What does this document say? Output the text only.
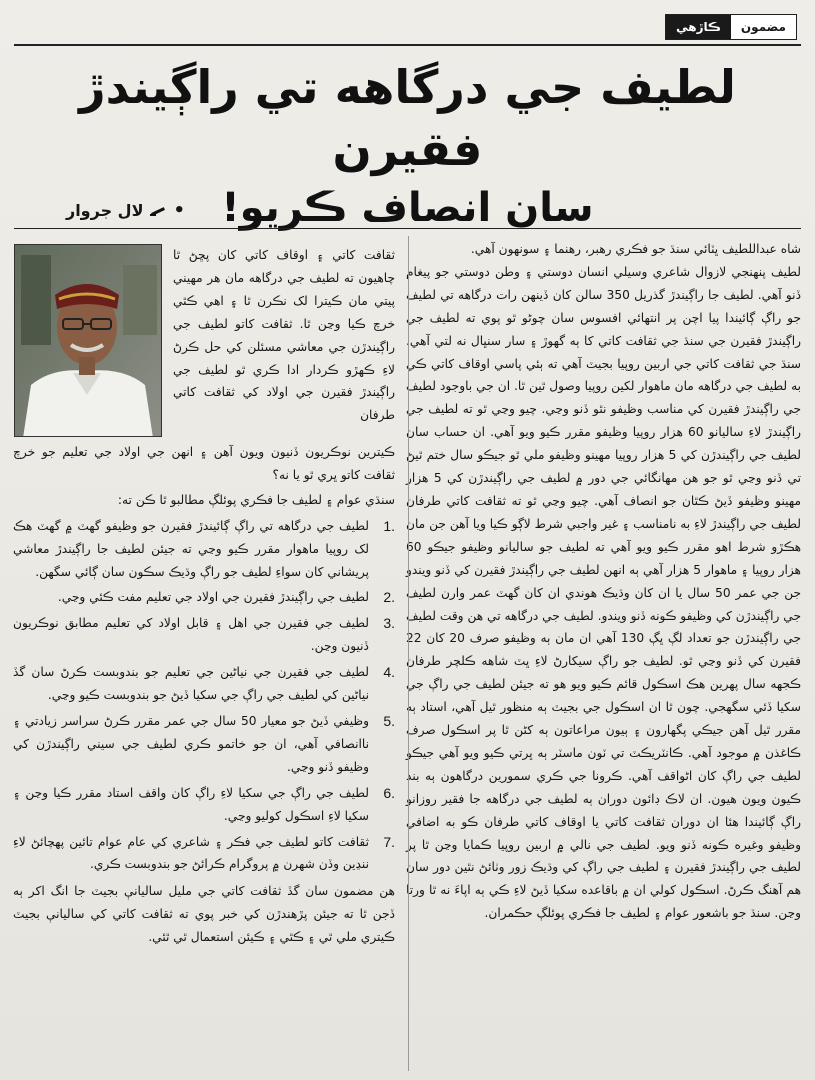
مضمون
ڪاڙهي
لطيف جي درگاهه تي راڳيندڙ فقيرن
سان انصاف ڪريو!
•
لال جروار

شاه عبداللطيف ڀٽائي سنڌ جو فڪري رهبر، رهنما ۽ سونهون آهي.

لطيف پنهنجي لازوال شاعري وسيلي انسان دوستي ۽ وطن دوستي جو پيغام ڏنو آهي. لطيف جا راڳيندڙ گذريل 350 سالن کان ڏينهن رات درگاهه تي لطيف جو راڳ ڳائيندا پيا اچن پر انتهائي افسوس سان چوڻو ٿو پوي ته لطيف جي راڳيندڙ فقيرن جي سنڌ جي ثقافت کاتي کا ٻه گهوڙ ۽ سار سنڀال نه لتي آهي. سنڌ جي ثقافت کاتي جي اربين روپيا بجيٽ آهي ته ٻئي پاسي اوقاف کاتي ڪي به لطيف جي درگاهه مان ماهوار لکين روپيا وصول ٿين ٿا. ان جي باوجود لطيف جي راڳيندڙ فقيرن کي مناسب وظيفو نٿو ڏنو وڃي. چيو وڃي ٿو ته لطيف جي راڳيندڙ لاءِ ساليانو 60 هزار روپيا وظيفو مقرر ڪيو ويو آهي. ان حساب سان لطيف جي راڳيندڙن کي 5 هزار روپيا مهينو وظيفو ملي ٿو جيڪو سال ختم ٿيڻ تي ڏنو وڃي ٿو جو هن مهانگائي جي دور ۾ لطيف جي راڳيندڙن کي 5 هزار مهينو وظيفو ڏيڻ ڪٿان جو انصاف آهي. چيو وڃي ٿو ته ثقافت کاتي طرفان لطيف جي راڳيندڙ لاءِ به نامناسب ۽ غير واجبي شرط لاڳو ڪيا ويا آهن جن مان هڪڙو شرط اهو مقرر ڪيو ويو آهي ته لطيف جو ساليانو وظيفو جيڪو 60 هزار روپيا ۽ ماهوار 5 هزار آهي ٻه انهن لطيف جي راڳيندڙ فقيرن کي ڏنو ويندو جن جي عمر 50 سال يا ان کان وڌيڪ هوندي ان کان گهٽ عمر وارن لطيف جي راڳيندڙن کي وظيفو ڪونه ڏنو ويندو. لطيف جي درگاهه تي هن وقت لطيف جي راڳيندڙن جو تعداد لڳ ڀڳ 130 آهي ان مان ٻه وظيفو صرف 20 کان 22 فقيرن کي ڏنو وڃي ٿو. لطيف جو راڳ سيکارڻ لاءِ ڀٽ شاهه ڪلچر طرفان ڪجهه سال پهرين هڪ اسڪول قائم ڪيو ويو هو ته جيئن لطيف جي راڳ جي سکيا ڏئي سگهجي. چون ٿا ان اسڪول جي بجيٽ ٻه منظور ٿيل آهي، استاد ٻه مقرر ٿيل آهن جيڪي پگهارون ۽ ٻيون مراعاتون ٻه کڻن ٿا پر اسڪول صرف ڪاغذن ۾ موجود آهي. ڪانٽريڪٽ تي ٽون ماسٽر ٻه ڀرتي ڪيو ويو آهي جيڪو لطيف جي راڳ کان اڻواقف آهي. ڪرونا جي ڪري سمورين درگاهون ٻه بند ڪيون ويون هيون. ان لاڪ ڊائون دوران ٻه لطيف جي درگاهه جا فقير روزانو راڳ ڳائيندا هئا ان دوران ثقافت کاتي يا اوقاف کاتي طرفان ڪو به اضافي وظيفو وغيره ڪونه ڏنو ويو. لطيف جي نالي ۾ اربين روپيا ڪمايا وڃن ٿا پر لطيف جي راڳيندڙ فقيرن ۽ لطيف جي راڳ کي وڌيڪ زور وٺائڻ نٿين دور سان هم آهنگ ڪرڻ. اسڪول کولي ان ۾ باقاعده سکيا ڏيڻ لاءِ ڪي ٻه اپاءَ نه ٿا ورتا وڃن. سنڌ جو باشعور عوام ۽ لطيف جا فڪري پوئلڳ حڪمران.

ثقافت کاتي ۽ اوقاف کاتي کان پڇڻ ٿا چاهيون ته لطيف جي درگاهه مان هر مهيني پيتي مان ڪيترا لک نڪرن ٿا ۽ اهي ڪٿي خرچ ڪيا وڃن ٿا. ثقافت کاتو لطيف جي راڳيندڙن جي معاشي مسئلن کي حل ڪرڻ لاءِ ڪهڙو ڪردار ادا ڪري ٿو لطيف جي راڳيندڙ فقيرن جي اولاد کي ثقافت کاتي طرفان

ڪيترين نوڪريون ڏنيون ويون آهن ۽ انهن جي اولاد جي تعليم جو خرچ ثقافت کاتو ڀري ٿو يا نه؟

سنڌي عوام ۽ لطيف جا فڪري پوئلڳ مطالبو ٿا ڪن ته:

1.
لطيف جي درگاهه تي راڳ ڳائيندڙ فقيرن جو وظيفو گهٽ ۾ گهٽ هڪ لک روپيا ماهوار مقرر ڪيو وڃي ته جيئن لطيف جا راڳيندڙ معاشي پريشاني کان سواءِ لطيف جو راڳ وڌيڪ سڪون سان ڳائي سگهن.
2.
لطيف جي راڳيندڙ فقيرن جي اولاد جي تعليم مفت ڪئي وڃي.
3.
لطيف جي فقيرن جي اهل ۽ قابل اولاد کي تعليم مطابق نوڪريون ڏنيون وڃن.
4.
لطيف جي فقيرن جي نياڻين جي تعليم جو بندوبست ڪرڻ سان گڏ نياڻين کي لطيف جي راڳ جي سکيا ڏيڻ جو بندوبست ڪيو وڃي.
5.
وظيفي ڏيڻ جو معيار 50 سال جي عمر مقرر ڪرڻ سراسر زيادتي ۽ ناانصافي آهي، ان جو خاتمو ڪري لطيف جي سيني راڳيندڙن کي وظيفو ڏنو وڃي.
6.
لطيف جي راڳ جي سکيا لاءِ راڳ کان واقف استاد مقرر ڪيا وڃن ۽ سکيا لاءِ اسڪول کوليو وڃي.
7.
ثقافت کاتو لطيف جي فڪر ۽ شاعري کي عام عوام تائين پهچائڻ لاءِ ننڍين وڏن شهرن ۾ پروگرام ڪرائڻ جو بندوبست ڪري.

هن مضمون سان گڏ ثقافت کاتي جي مليل ساليانې بجيٽ جا انگ اکر ٻه ڏجن ٿا ته جيئن پڙهندڙن کي خبر پوي ته ثقافت کاتي کي ساليانې بجيٽ ڪيتري ملي ٿي ۽ ڪٿي ۽ ڪيئن استعمال ٿي ٿئي.
